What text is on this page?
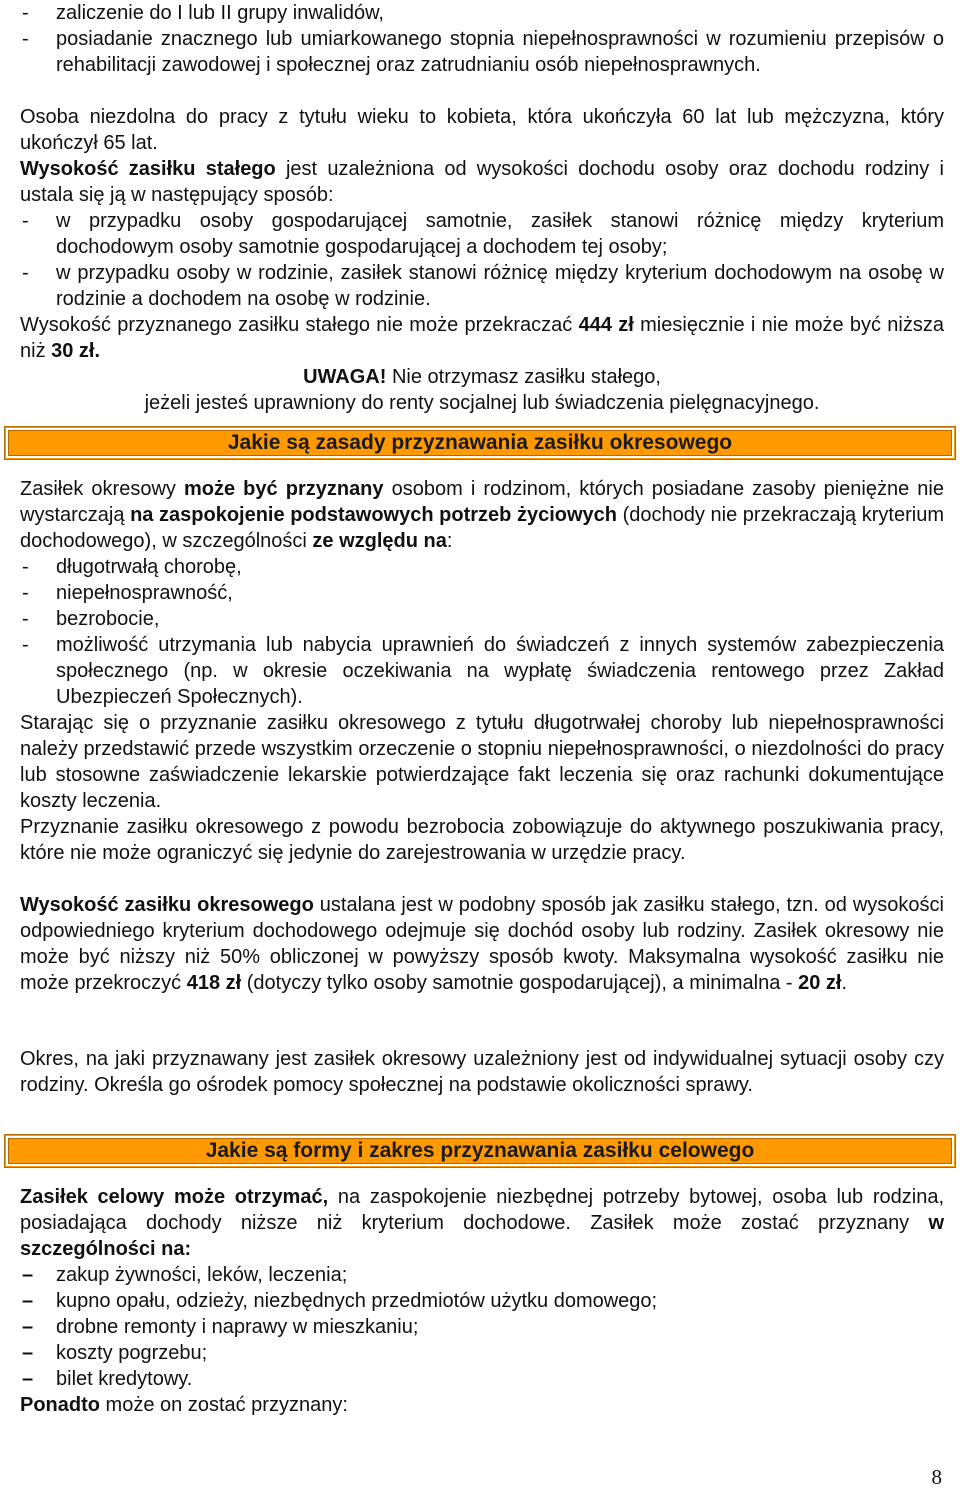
- zaliczenie do I lub II grupy inwalidów,
- posiadanie znacznego lub umiarkowanego stopnia niepełnosprawności w rozumieniu przepisów o rehabilitacji zawodowej i społecznej oraz zatrudnianiu osób niepełnosprawnych.

Osoba niezdolna do pracy z tytułu wieku to kobieta, która ukończyła 60 lat lub mężczyzna, który ukończył 65 lat.

Wysokość zasiłku stałego jest uzależniona od wysokości dochodu osoby oraz dochodu rodziny i ustala się ją w następujący sposób:

- w przypadku osoby gospodarującej samotnie, zasiłek stanowi różnicę między kryterium dochodowym osoby samotnie gospodarującej a dochodem tej osoby;
- w przypadku osoby w rodzinie, zasiłek stanowi różnicę między kryterium dochodowym na osobę w rodzinie a dochodem na osobę w rodzinie.

Wysokość przyznanego zasiłku stałego nie może przekraczać 444 zł miesięcznie i nie może być niższa niż 30 zł.

UWAGA! Nie otrzymasz zasiłku stałego,

jeżeli jesteś uprawniony do renty socjalnej lub świadczenia pielęgnacyjnego.

Jakie są zasady przyznawania zasiłku okresowego

Zasiłek okresowy może być przyznany osobom i rodzinom, których posiadane zasoby pieniężne nie wystarczają na zaspokojenie podstawowych potrzeb życiowych (dochody nie przekraczają kryterium dochodowego), w szczególności ze względu na:

- długotrwałą chorobę,
- niepełnosprawność,
- bezrobocie,
- możliwość utrzymania lub nabycia uprawnień do świadczeń z innych systemów zabezpieczenia społecznego (np. w okresie oczekiwania na wypłatę świadczenia rentowego przez Zakład Ubezpieczeń Społecznych).

Starając się o przyznanie zasiłku okresowego z tytułu długotrwałej choroby lub niepełnosprawności należy przedstawić przede wszystkim orzeczenie o stopniu niepełnosprawności, o niezdolności do pracy lub stosowne zaświadczenie lekarskie potwierdzające fakt leczenia się oraz rachunki dokumentujące koszty leczenia.

Przyznanie zasiłku okresowego z powodu bezrobocia zobowiązuje do aktywnego poszukiwania pracy, które nie może ograniczyć się jedynie do zarejestrowania w urzędzie pracy.

Wysokość zasiłku okresowego ustalana jest w podobny sposób jak zasiłku stałego, tzn. od wysokości odpowiedniego kryterium dochodowego odejmuje się dochód osoby lub rodziny. Zasiłek okresowy nie może być niższy niż 50% obliczonej w powyższy sposób kwoty. Maksymalna wysokość zasiłku nie może przekroczyć 418 zł (dotyczy tylko osoby samotnie gospodarującej), a minimalna - 20 zł.

Okres, na jaki przyznawany jest zasiłek okresowy uzależniony jest od indywidualnej sytuacji osoby czy rodziny. Określa go ośrodek pomocy społecznej na podstawie okoliczności sprawy.

Jakie są formy i zakres przyznawania zasiłku celowego

Zasiłek celowy może otrzymać, na zaspokojenie niezbędnej potrzeby bytowej, osoba lub rodzina, posiadająca dochody niższe niż kryterium dochodowe. Zasiłek może zostać przyznany w szczególności na:

– zakup żywności, leków, leczenia;
– kupno opału, odzieży, niezbędnych przedmiotów użytku domowego;
– drobne remonty i naprawy w mieszkaniu;
– koszty pogrzebu;
– bilet kredytowy.

Ponadto może on zostać przyznany:

8
